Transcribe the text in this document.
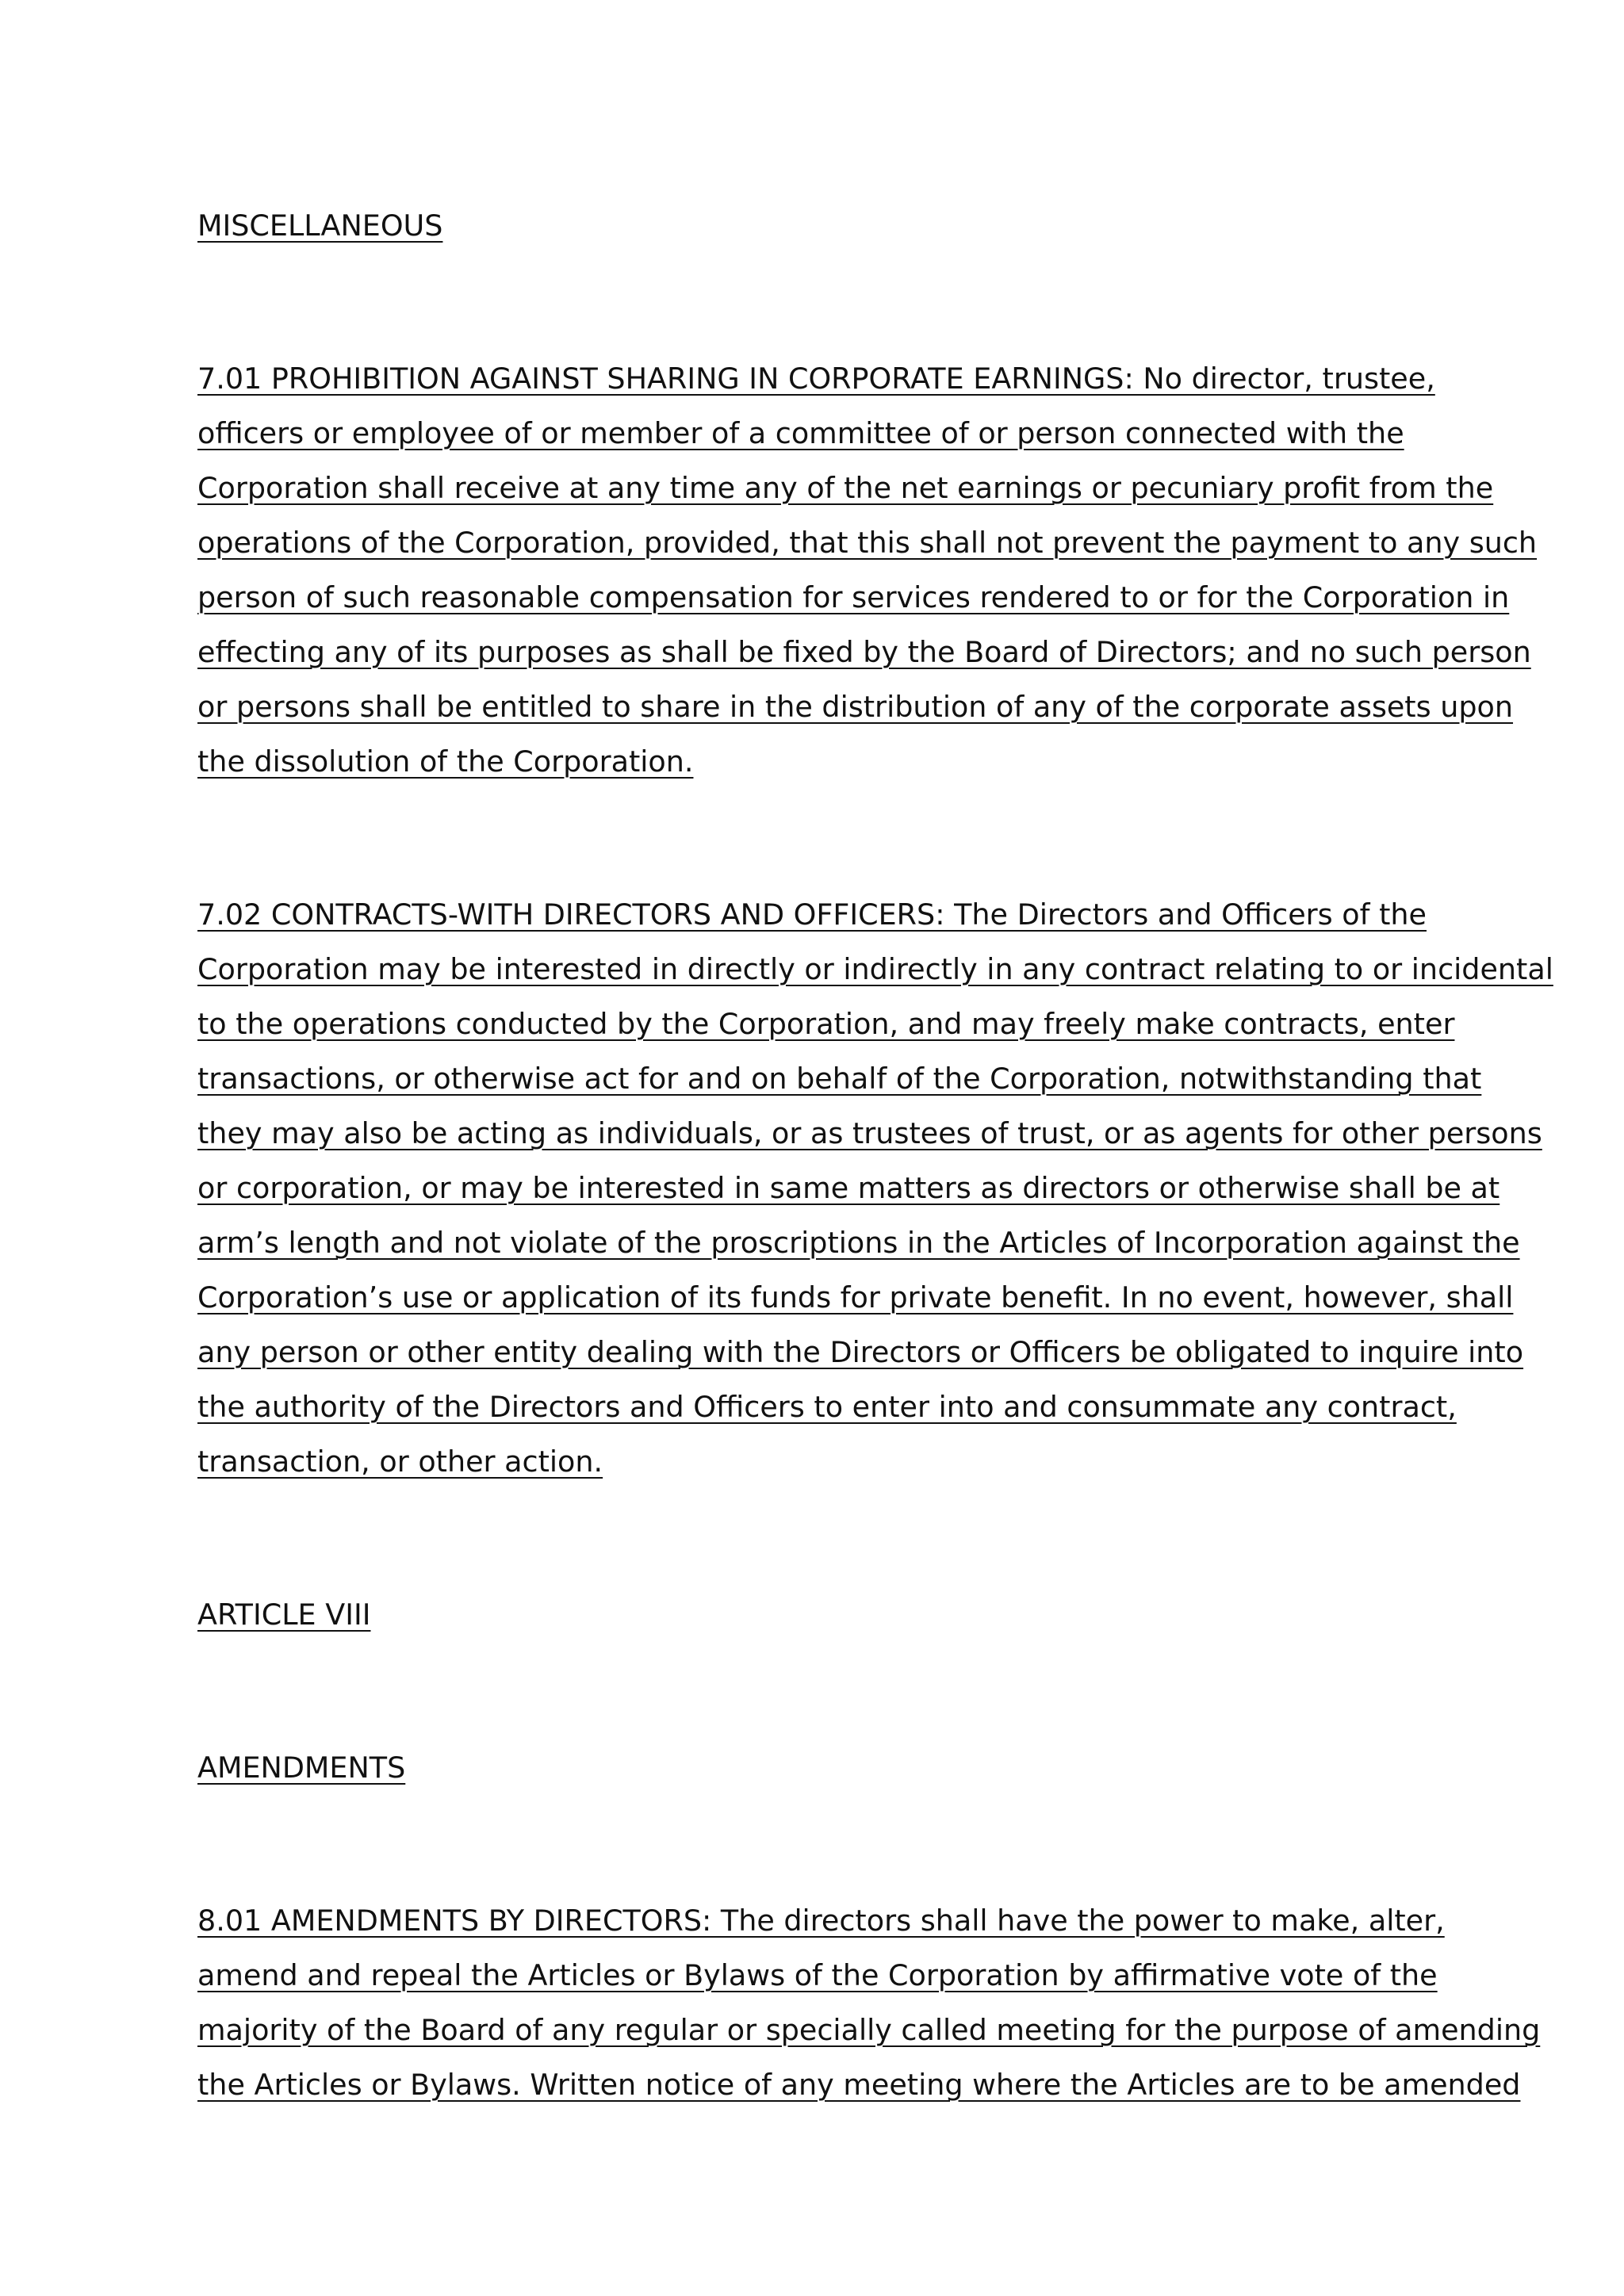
MISCELLANEOUS
7.01 PROHIBITION AGAINST SHARING IN CORPORATE EARNINGS: No director, trustee,
officers or employee of or member of a committee of or person connected with the
Corporation shall receive at any time any of the net earnings or pecuniary profit from the
operations of the Corporation, provided, that this shall not prevent the payment to any such
person of such reasonable compensation for services rendered to or for the Corporation in
effecting any of its purposes as shall be fixed by the Board of Directors; and no such person
or persons shall be entitled to share in the distribution of any of the corporate assets upon
the dissolution of the Corporation.
7.02 CONTRACTS-WITH DIRECTORS AND OFFICERS: The Directors and Officers of the
Corporation may be interested in directly or indirectly in any contract relating to or incidental
to the operations conducted by the Corporation, and may freely make contracts, enter
transactions, or otherwise act for and on behalf of the Corporation, notwithstanding that
they may also be acting as individuals, or as trustees of trust, or as agents for other persons
or corporation, or may be interested in same matters as directors or otherwise shall be at
arm’s length and not violate of the proscriptions in the Articles of Incorporation against the
Corporation’s use or application of its funds for private benefit. In no event, however, shall
any person or other entity dealing with the Directors or Officers be obligated to inquire into
the authority of the Directors and Officers to enter into and consummate any contract,
transaction, or other action.
ARTICLE VIII
AMENDMENTS
8.01 AMENDMENTS BY DIRECTORS: The directors shall have the power to make, alter,
amend and repeal the Articles or Bylaws of the Corporation by affirmative vote of the
majority of the Board of any regular or specially called meeting for the purpose of amending
the Articles or Bylaws. Written notice of any meeting where the Articles are to be amended
